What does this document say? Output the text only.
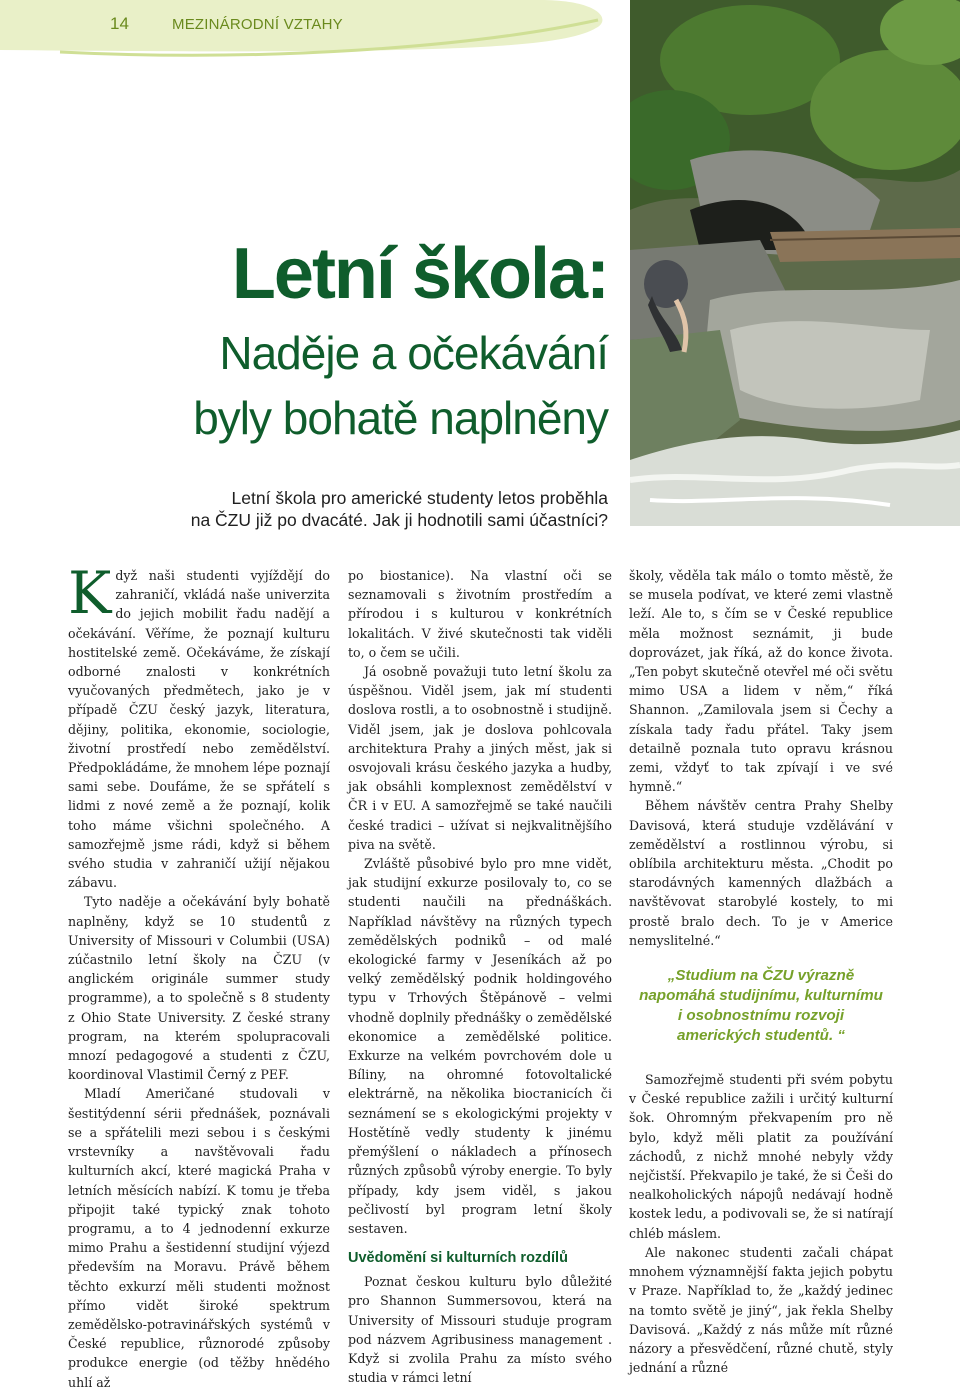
14	MEZINÁRODNÍ VZTAHY
Letní škola:
Naděje a očekávání
byly bohatě naplněny
Letní škola pro americké studenty letos proběhla
na ČZU již po dvacáté. Jak ji hodnotili sami účastníci?

Když naši studenti vyjíždějí do zahraničí, vkládá naše univerzita do jejich mobilit řadu nadějí a očekávání. Věříme, že poznají kulturu hostitelské země. Očekáváme, že získají odborné znalosti v konkrétních vyučovaných předmětech, jako je v případě ČZU český jazyk, literatura, dějiny, politika, ekonomie, sociologie, životní prostředí nebo zemědělství. Předpokládáme, že mnohem lépe poznají sami sebe. Doufáme, že se spřátelí s lidmi z nové země a že poznají, kolik toho máme všichni společného. A samozřejmě jsme rádi, když si během svého studia v zahraničí užijí nějakou zábavu.

Tyto naděje a očekávání byly bohatě naplněny, když se 10 studentů z University of Missouri v Columbii (USA) zúčastnilo letní školy na ČZU (v anglickém originále summer study programme), a to společně s 8 studenty z Ohio State University. Z české strany program, na kterém spolupracovali mnozí pedagogové a studenti z ČZU, koordinoval Vlastimil Černý z PEF.

Mladí Američané studovali v šestitýdenní sérii přednášek, poznávali se a spřátelili mezi sebou i s českými vrstevníky a navštěvovali řadu kulturních akcí, které magická Praha v letních měsících nabízí. K tomu je třeba připojit také typický znak tohoto programu, a to 4 jednodenní exkurze mimo Prahu a šestidenní studijní výjezd především na Moravu. Právě během těchto exkurzí měli studenti možnost přímo vidět široké spektrum zemědělsko-potravinářských systémů v České republice, různorodé způsoby produkce energie (od těžby hnědého uhlí až

po biostanice). Na vlastní oči se seznamovali s životním prostředím a přírodou i s kulturou v konkrétních lokalitách. V živé skutečnosti tak viděli to, o čem se učili.

Já osobně považuji tuto letní školu za úspěšnou. Viděl jsem, jak mí studenti doslova rostli, a to osobnostně i studijně. Viděl jsem, jak je doslova pohlcovala architektura Prahy a jiných měst, jak si osvojovali krásu českého jazyka a hudby, jak obsáhli komplexnost zemědělství v ČR i v EU. A samozřejmě se také naučili české tradici – užívat si nejkvalitnějšího piva na světě.

Zvláště působivé bylo pro mne vidět, jak studijní exkurze posilovaly to, co se studenti naučili na přednáškách. Například návštěvy na různých typech zemědělských podniků – od malé ekologické farmy v Jeseníkách až po velký zemědělský podnik holdingového typu v Trhových Štěpánově – velmi vhodně doplnily přednášky o zemědělské ekonomice a zemědělské politice. Exkurze na velkém povrchovém dole u Bíliny, na ohromné fotovoltalické elektrárně, na několika bioстanicích či seznámení se s ekologickými projekty v Hostětíně vedly studenty k jinému přemýšlení o nákladech a přínosech různých způsobů výroby energie. To byly případy, kdy jsem viděl, s jakou pečlivostí byl program letní školy sestaven.

Uvědomění si kulturních rozdílů

Poznat českou kulturu bylo důležité pro Shannon Summersovou, která na University of Missouri studuje program pod názvem Agribusiness management . Když si zvolila Prahu za místo svého studia v rámci letní

školy, věděla tak málo o tomto městě, že se musela podívat, ve které zemi vlastně leží. Ale to, s čím se v České republice měla možnost seznámit, ji bude doprovázet, jak říká, až do konce života. „Ten pobyt skutečně otevřel mé oči světu mimo USA a lidem v něm,“ říká Shannon. „Zamilovala jsem si Čechy a získala tady řadu přátel. Taky jsem detailně poznala tuto opravu krásnou zemi, vždyť to tak zpívají i ve své hymně.“

Během návštěv centra Prahy Shelby Davisová, která studuje vzdělávání v zemědělství a rostlinnou výrobu, si oblíbila architekturu města. „Chodit po starodávných kamenných dlažbách a navštěvovat starobylé kostely, to mi prostě bralo dech. To je v Americe nemyslitelné.“

„Studium na ČZU výrazně napomáhá studijnímu, kulturnímu i osobnostnímu rozvoji amerických studentů. “

Samozřejmě studenti při svém pobytu v České republice zažili i určitý kulturní šok. Ohromným překvapením pro ně bylo, když měli platit za používání záchodů, z nichž mnohé nebyly vždy nejčistší. Překvapilo je také, že si Češi do nealkoholických nápojů nedávají hodně kostek ledu, a podivovali se, že si natírají chléb máslem.

Ale nakonec studenti začali chápat mnohem významnější fakta jejich pobytu v Praze. Například to, že „každý jedinec na tomto světě je jiný“, jak řekla Shelby Davisová. „Každý z nás může mít různé názory a přesvědčení, různé chutě, styly jednání a různé
